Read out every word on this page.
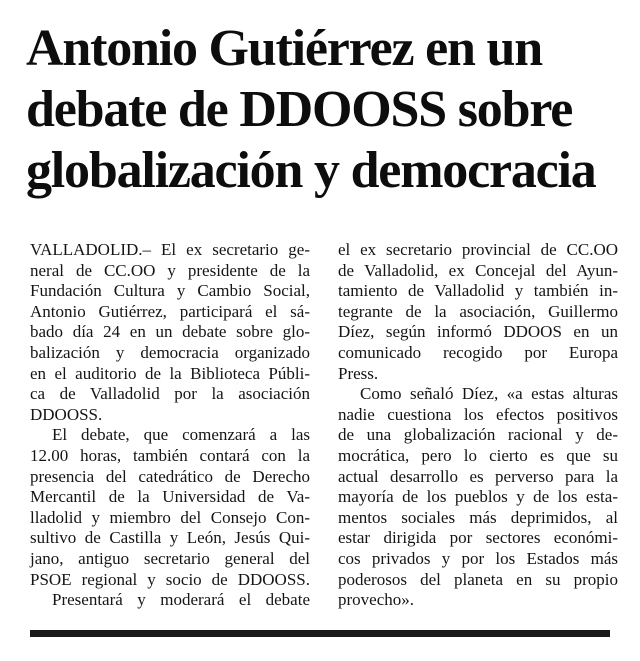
Antonio Gutiérrez en un
debate de DDOOSS sobre
globalización y democracia
VALLADOLID.– El ex secretario ge-
neral de CC.OO y presidente de la
Fundación Cultura y Cambio Social,
Antonio Gutiérrez, participará el sá-
bado día 24 en un debate sobre glo-
balización y democracia organizado
en el auditorio de la Biblioteca Públi-
ca de Valladolid por la asociación
DDOOSS.
El debate, que comenzará a las
12.00 horas, también contará con la
presencia del catedrático de Derecho
Mercantil de la Universidad de Va-
lladolid y miembro del Consejo Con-
sultivo de Castilla y León, Jesús Qui-
jano, antiguo secretario general del
PSOE regional y socio de DDOOSS.
Presentará y moderará el debate
el ex secretario provincial de CC.OO
de Valladolid, ex Concejal del Ayun-
tamiento de Valladolid y también in-
tegrante de la asociación, Guillermo
Díez, según informó DDOOS en un
comunicado recogido por Europa
Press.
Como señaló Díez, «a estas alturas
nadie cuestiona los efectos positivos
de una globalización racional y de-
mocrática, pero lo cierto es que su
actual desarrollo es perverso para la
mayoría de los pueblos y de los esta-
mentos sociales más deprimidos, al
estar dirigida por sectores económi-
cos privados y por los Estados más
poderosos del planeta en su propio
provecho».
